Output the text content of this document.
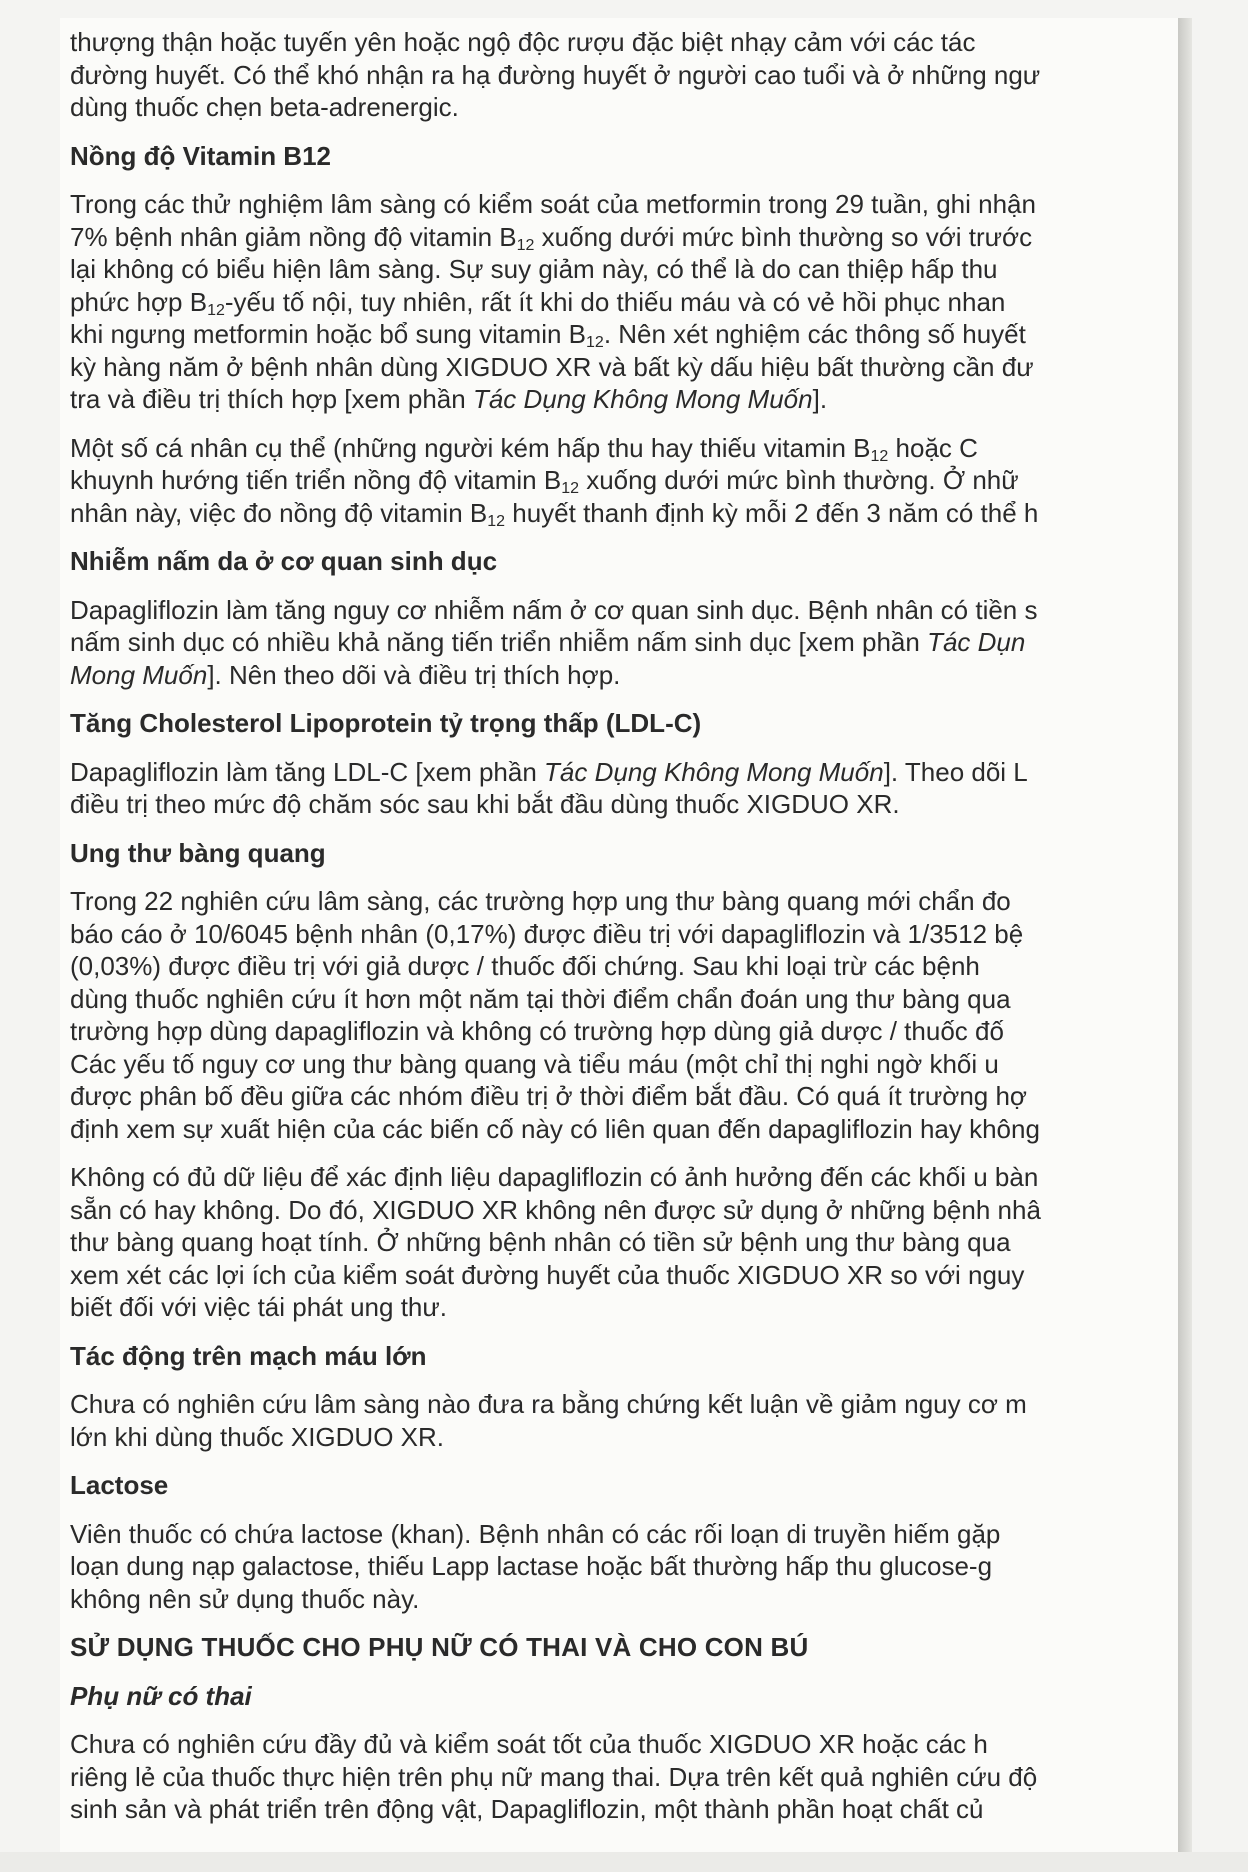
thượng thận hoặc tuyến yên hoặc ngộ độc rượu đặc biệt nhạy cảm với các tác
đường huyết. Có thể khó nhận ra hạ đường huyết ở người cao tuổi và ở những ngư
dùng thuốc chẹn beta-adrenergic.

Nồng độ Vitamin B12

Trong các thử nghiệm lâm sàng có kiểm soát của metformin trong 29 tuần, ghi nhận
7% bệnh nhân giảm nồng độ vitamin $B_{12}$ xuống dưới mức bình thường so với trước
lại không có biểu hiện lâm sàng. Sự suy giảm này, có thể là do can thiệp hấp thu
phức hợp $B_{12}$-yếu tố nội, tuy nhiên, rất ít khi do thiếu máu và có vẻ hồi phục nhan
khi ngưng metformin hoặc bổ sung vitamin $B_{12}$. Nên xét nghiệm các thông số huyết
kỳ hàng năm ở bệnh nhân dùng XIGDUO XR và bất kỳ dấu hiệu bất thường cần đư
tra và điều trị thích hợp [xem phần Tác Dụng Không Mong Muốn].

Một số cá nhân cụ thể (những người kém hấp thu hay thiếu vitamin $B_{12}$ hoặc C
khuynh hướng tiến triển nồng độ vitamin $B_{12}$ xuống dưới mức bình thường. Ở nhữ
nhân này, việc đo nồng độ vitamin $B_{12}$ huyết thanh định kỳ mỗi 2 đến 3 năm có thể h

Nhiễm nấm da ở cơ quan sinh dục

Dapagliflozin làm tăng nguy cơ nhiễm nấm ở cơ quan sinh dục. Bệnh nhân có tiền s
nấm sinh dục có nhiều khả năng tiến triển nhiễm nấm sinh dục [xem phần Tác Dụn
Mong Muốn]. Nên theo dõi và điều trị thích hợp.

Tăng Cholesterol Lipoprotein tỷ trọng thấp (LDL-C)

Dapagliflozin làm tăng LDL-C [xem phần Tác Dụng Không Mong Muốn]. Theo dõi L
điều trị theo mức độ chăm sóc sau khi bắt đầu dùng thuốc XIGDUO XR.

Ung thư bàng quang

Trong 22 nghiên cứu lâm sàng, các trường hợp ung thư bàng quang mới chẩn đo
báo cáo ở 10/6045 bệnh nhân (0,17%) được điều trị với dapagliflozin và 1/3512 bệ
(0,03%) được điều trị với giả dược / thuốc đối chứng. Sau khi loại trừ các bệnh
dùng thuốc nghiên cứu ít hơn một năm tại thời điểm chẩn đoán ung thư bàng qua
trường hợp dùng dapagliflozin và không có trường hợp dùng giả dược / thuốc đố
Các yếu tố nguy cơ ung thư bàng quang và tiểu máu (một chỉ thị nghi ngờ khối u
được phân bố đều giữa các nhóm điều trị ở thời điểm bắt đầu. Có quá ít trường hợ
định xem sự xuất hiện của các biến cố này có liên quan đến dapagliflozin hay không

Không có đủ dữ liệu để xác định liệu dapagliflozin có ảnh hưởng đến các khối u bàn
sẵn có hay không. Do đó, XIGDUO XR không nên được sử dụng ở những bệnh nhâ
thư bàng quang hoạt tính. Ở những bệnh nhân có tiền sử bệnh ung thư bàng qua
xem xét các lợi ích của kiểm soát đường huyết của thuốc XIGDUO XR so với nguy
biết đối với việc tái phát ung thư.

Tác động trên mạch máu lớn

Chưa có nghiên cứu lâm sàng nào đưa ra bằng chứng kết luận về giảm nguy cơ m
lớn khi dùng thuốc XIGDUO XR.

Lactose

Viên thuốc có chứa lactose (khan). Bệnh nhân có các rối loạn di truyền hiếm gặp
loạn dung nạp galactose, thiếu Lapp lactase hoặc bất thường hấp thu glucose-g
không nên sử dụng thuốc này.

SỬ DỤNG THUỐC CHO PHỤ NỮ CÓ THAI VÀ CHO CON BÚ
Phụ nữ có thai

Chưa có nghiên cứu đầy đủ và kiểm soát tốt của thuốc XIGDUO XR hoặc các h
riêng lẻ của thuốc thực hiện trên phụ nữ mang thai. Dựa trên kết quả nghiên cứu độ
sinh sản và phát triển trên động vật, Dapagliflozin, một thành phần hoạt chất củ
